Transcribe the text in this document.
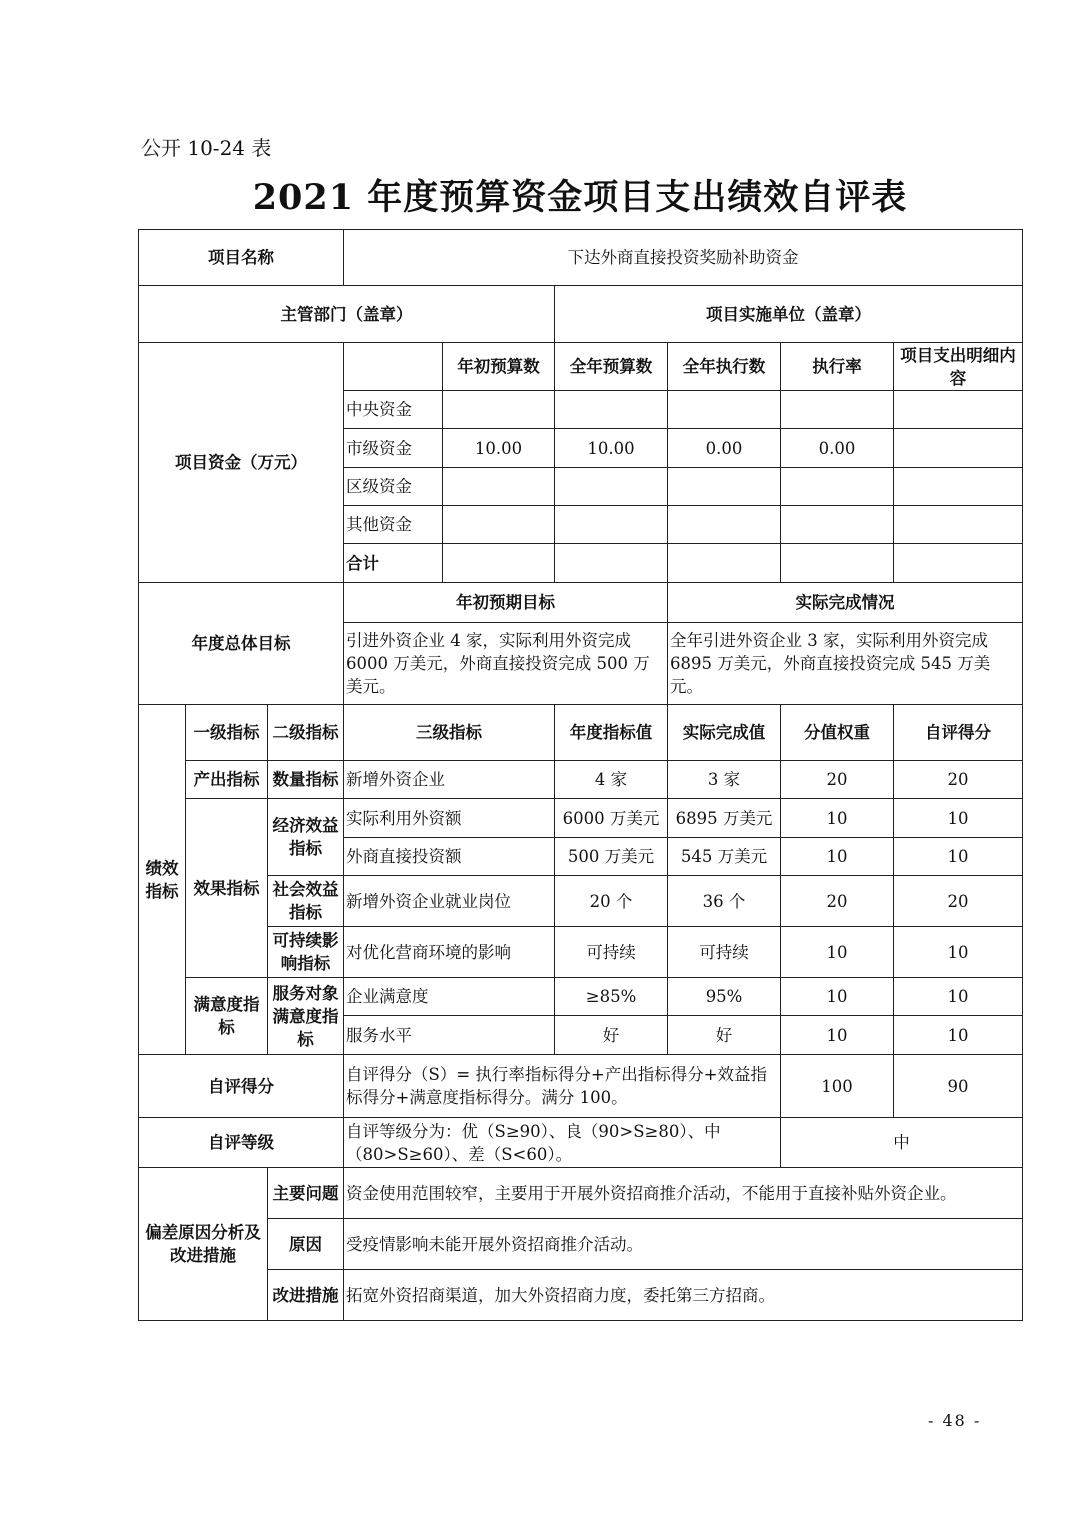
公开 10-24 表
2021 年度预算资金项目支出绩效自评表
项目名称			下达外商直接投资奖励补助资金					
主管部门（盖章）					项目实施单位（盖章）			
项目资金（万元）				年初预算数	全年预算数	全年执行数	执行率	项目支出明细内容
			中央资金					
			市级资金	10.00	10.00	0.00	0.00	
			区级资金					
			其他资金					
			合计					
年度总体目标			年初预期目标			实际完成情况		
			引进外资企业 4 家，实际利用外资完成 6000 万美元，外商直接投资完成 500 万美元。			全年引进外资企业 3 家，实际利用外资完成 6895 万美元，外商直接投资完成 545 万美元。		
绩效指标	一级指标	二级指标	三级指标		年度指标值	实际完成值	分值权重	自评得分
	产出指标	数量指标	新增外资企业		4 家	3 家	20	20
	效果指标	经济效益指标	实际利用外资额		6000 万美元	6895 万美元	10	10
			外商直接投资额		500 万美元	545 万美元	10	10
		社会效益指标	新增外资企业就业岗位		20 个	36 个	20	20
		可持续影响指标	对优化营商环境的影响		可持续	可持续	10	10
	满意度指标	服务对象满意度指标	企业满意度		≥85%	95%	10	10
			服务水平		好	好	10	10
自评得分			自评得分（S）= 执行率指标得分+产出指标得分+效益指标得分+满意度指标得分。满分 100。				100	90
自评等级			自评等级分为：优（S≥90）、良（90>S≥80）、中（80>S≥60）、差（S<60）。				中	
偏差原因分析及改进措施		主要问题	资金使用范围较窄，主要用于开展外资招商推介活动，不能用于直接补贴外资企业。					
		原因	受疫情影响未能开展外资招商推介活动。					
		改进措施	拓宽外资招商渠道，加大外资招商力度，委托第三方招商。					
- 48 -
